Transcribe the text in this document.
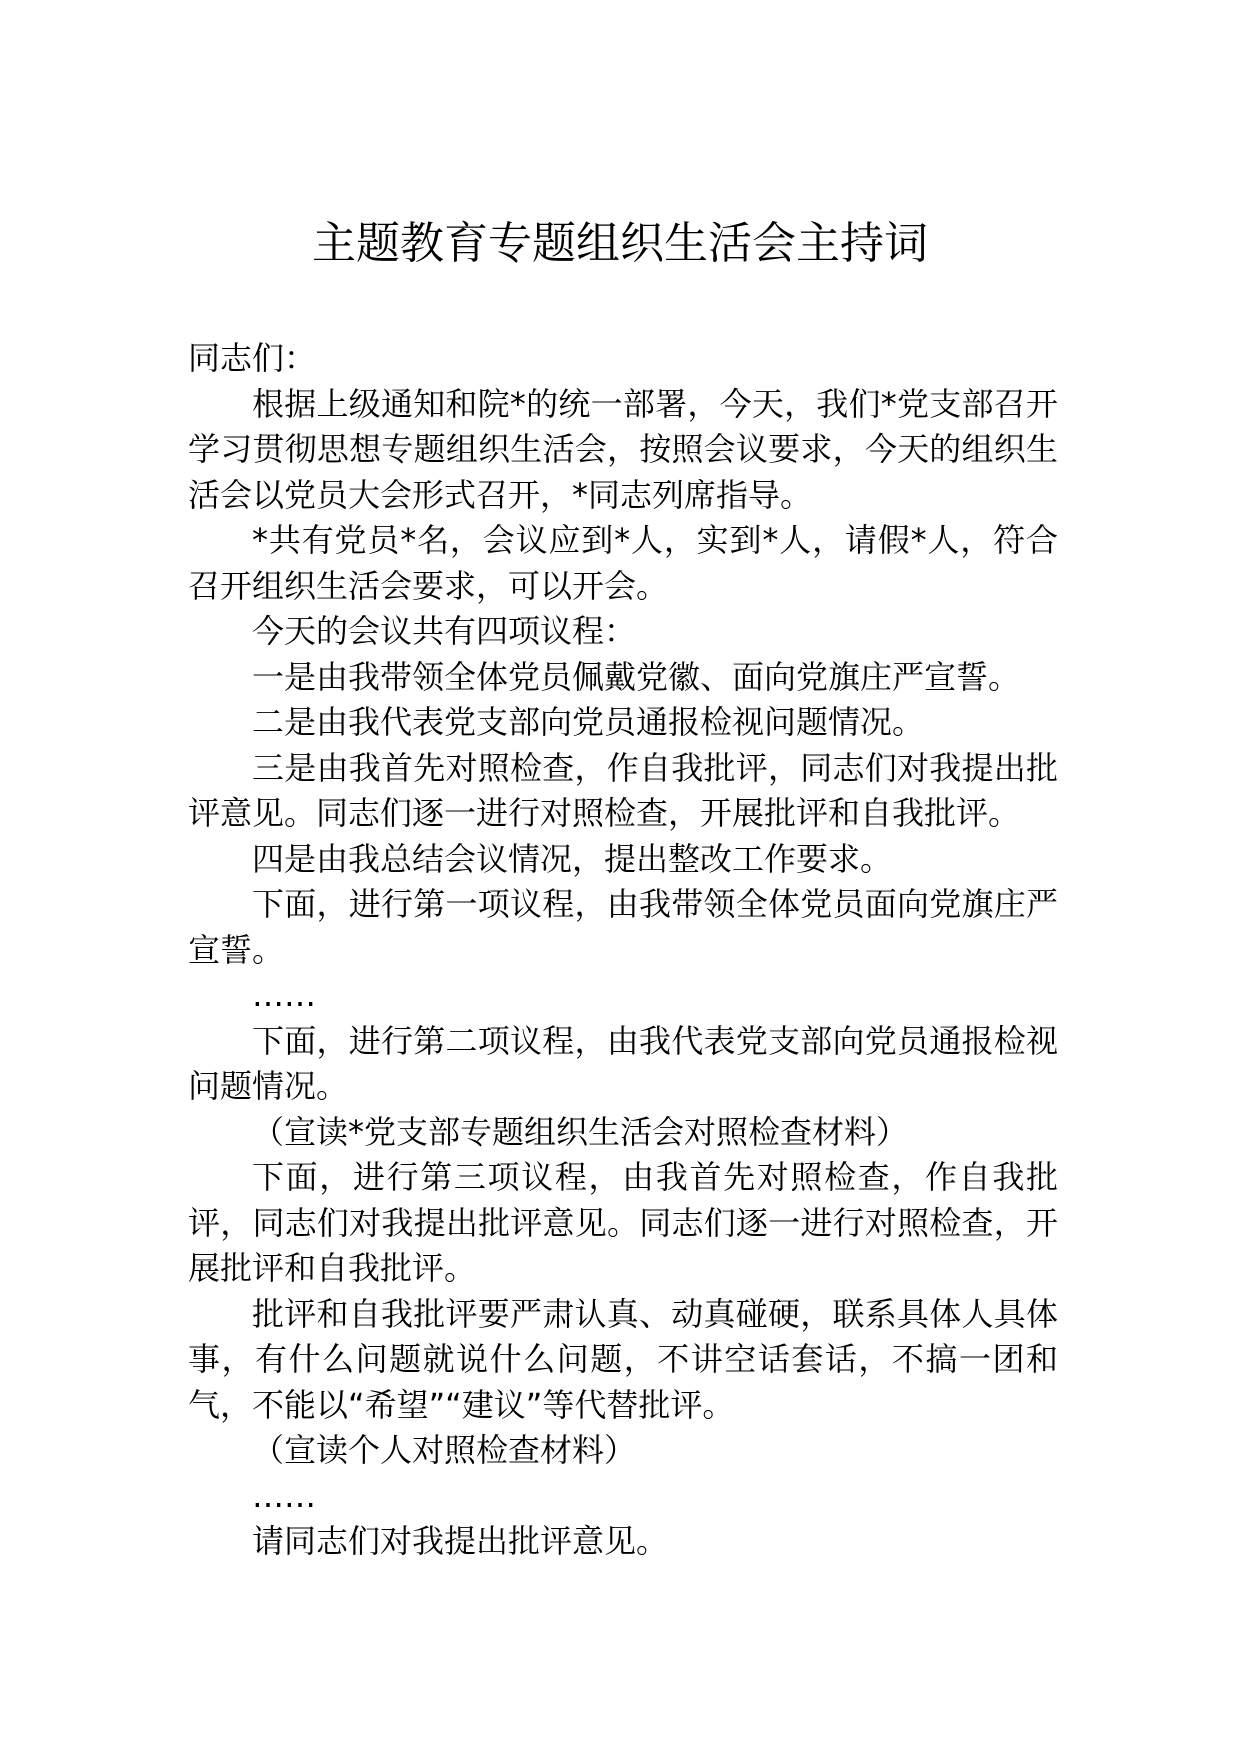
主题教育专题组织生活会主持词

同志们：

根据上级通知和院*的统一部署，今天，我们*党支部召开学习贯彻思想专题组织生活会，按照会议要求，今天的组织生活会以党员大会形式召开，*同志列席指导。

*共有党员*名，会议应到*人，实到*人，请假*人，符合召开组织生活会要求，可以开会。

今天的会议共有四项议程：

一是由我带领全体党员佩戴党徽、面向党旗庄严宣誓。

二是由我代表党支部向党员通报检视问题情况。

三是由我首先对照检查，作自我批评，同志们对我提出批评意见。同志们逐一进行对照检查，开展批评和自我批评。

四是由我总结会议情况，提出整改工作要求。

下面，进行第一项议程，由我带领全体党员面向党旗庄严宣誓。

……

下面，进行第二项议程，由我代表党支部向党员通报检视问题情况。

（宣读*党支部专题组织生活会对照检查材料）

下面，进行第三项议程，由我首先对照检查，作自我批评，同志们对我提出批评意见。同志们逐一进行对照检查，开展批评和自我批评。

批评和自我批评要严肃认真、动真碰硬，联系具体人具体事，有什么问题就说什么问题，不讲空话套话，不搞一团和气，不能以“希望”“建议”等代替批评。

（宣读个人对照检查材料）

……

请同志们对我提出批评意见。
